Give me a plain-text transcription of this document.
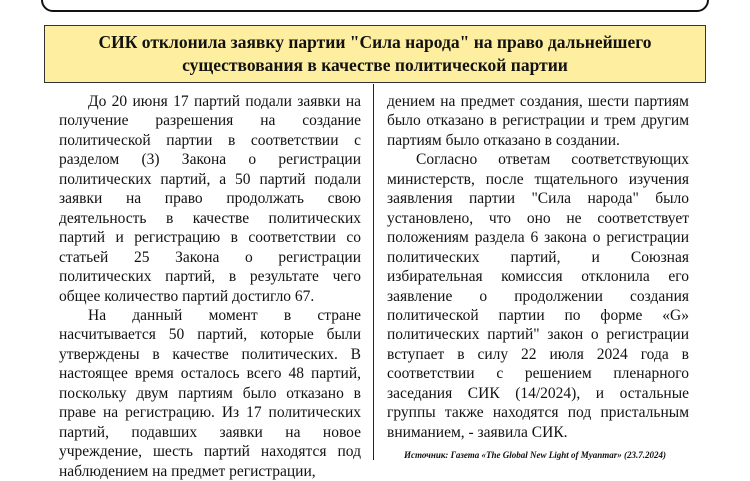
СИК отклонила заявку партии "Сила народа" на право дальнейшего
существования в качестве политической партии

До 20 июня 17 партий подали заявки на получение разрешения на создание политической партии в соответствии с разделом (3) Закона о регистрации политических партий, а 50 партий подали заявки на право продолжать свою деятельность в качестве политических партий и регистрацию в соответствии со статьей 25 Закона о регистрации политических партий, в результате чего общее количество партий достигло 67.

На данный момент в стране насчитывается 50 партий, которые были утверждены в качестве политических. В настоящее время осталось всего 48 партий, поскольку двум партиям было отказано в праве на регистрацию. Из 17 политических партий, подавших заявки на новое учреждение, шесть партий находятся под наблюдением на предмет регистрации,

дением на предмет создания, шести партиям было отказано в регистрации и трем другим партиям было отказано в создании.

Согласно ответам соответствующих министерств, после тщательного изучения заявления партии "Сила народа" было установлено, что оно не соответствует положениям раздела 6 закона о регистрации политических партий, и Союзная избирательная комиссия отклонила его заявление о продолжении создания политической партии по форме «G» политических партий" закон о регистрации вступает в силу 22 июля 2024 года в соответствии с решением пленарного заседания СИК (14/2024), и остальные группы также находятся под пристальным вниманием, - заявила СИК.

Источник: Газета «The Global New Light of Myanmar» (23.7.2024)
